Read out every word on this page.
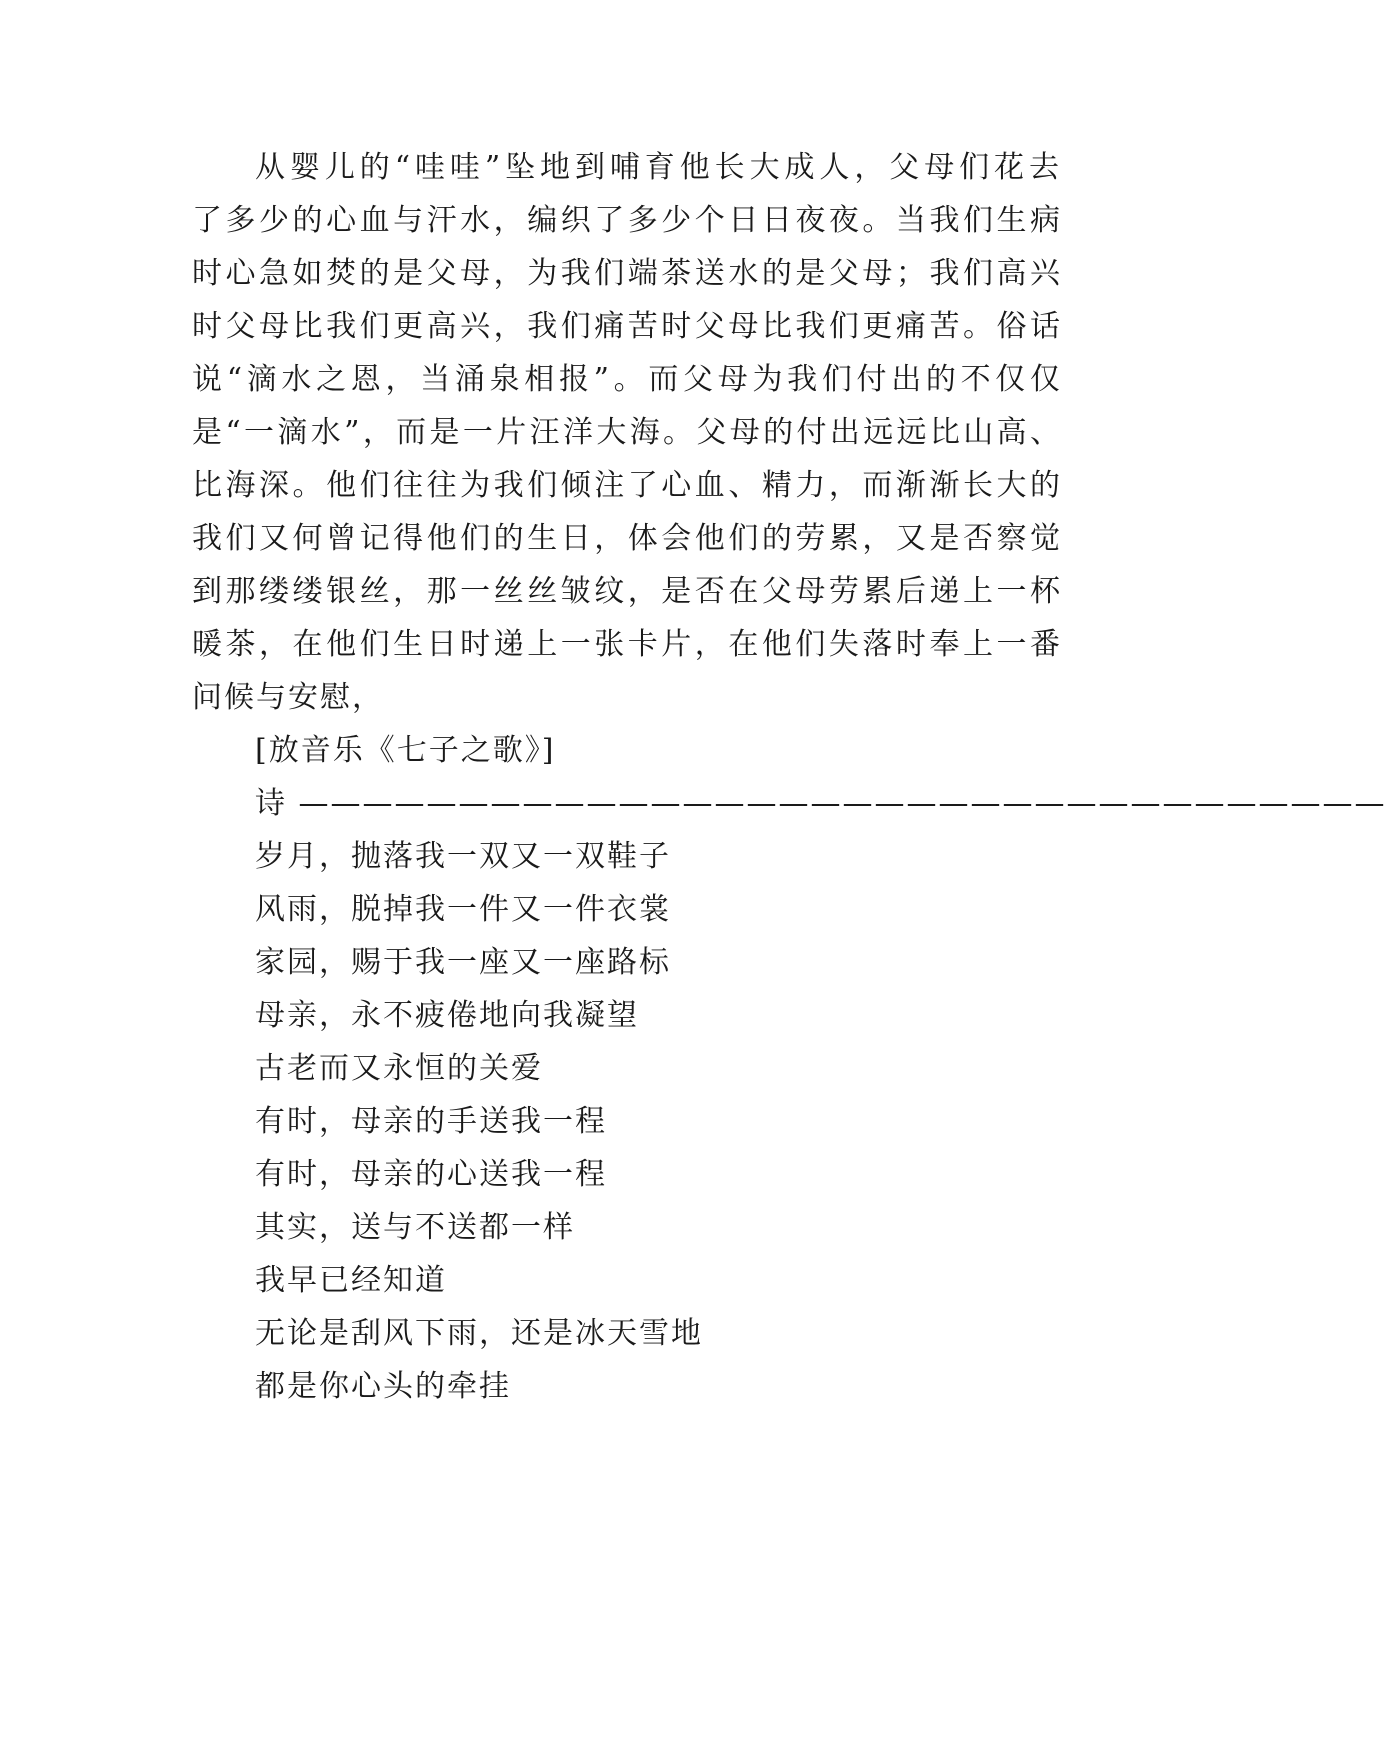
从婴儿的“哇哇”坠地到哺育他长大成人，父母们花去
了多少的心血与汗水，编织了多少个日日夜夜。当我们生病
时心急如焚的是父母，为我们端茶送水的是父母；我们高兴
时父母比我们更高兴，我们痛苦时父母比我们更痛苦。俗话
说“滴水之恩，当涌泉相报”。而父母为我们付出的不仅仅
是“一滴水”，而是一片汪洋大海。父母的付出远远比山高、
比海深。他们往往为我们倾注了心血、精力，而渐渐长大的
我们又何曾记得他们的生日，体会他们的劳累，又是否察觉
到那缕缕银丝，那一丝丝皱纹，是否在父母劳累后递上一杯
暖茶，在他们生日时递上一张卡片，在他们失落时奉上一番
问候与安慰，
[放音乐《七子之歌》]
诗 ——————————————————————————————————
岁月，抛落我一双又一双鞋子
风雨，脱掉我一件又一件衣裳
家园，赐于我一座又一座路标
母亲，永不疲倦地向我凝望
古老而又永恒的关爱
有时，母亲的手送我一程
有时，母亲的心送我一程
其实，送与不送都一样
我早已经知道
无论是刮风下雨，还是冰天雪地
都是你心头的牵挂
